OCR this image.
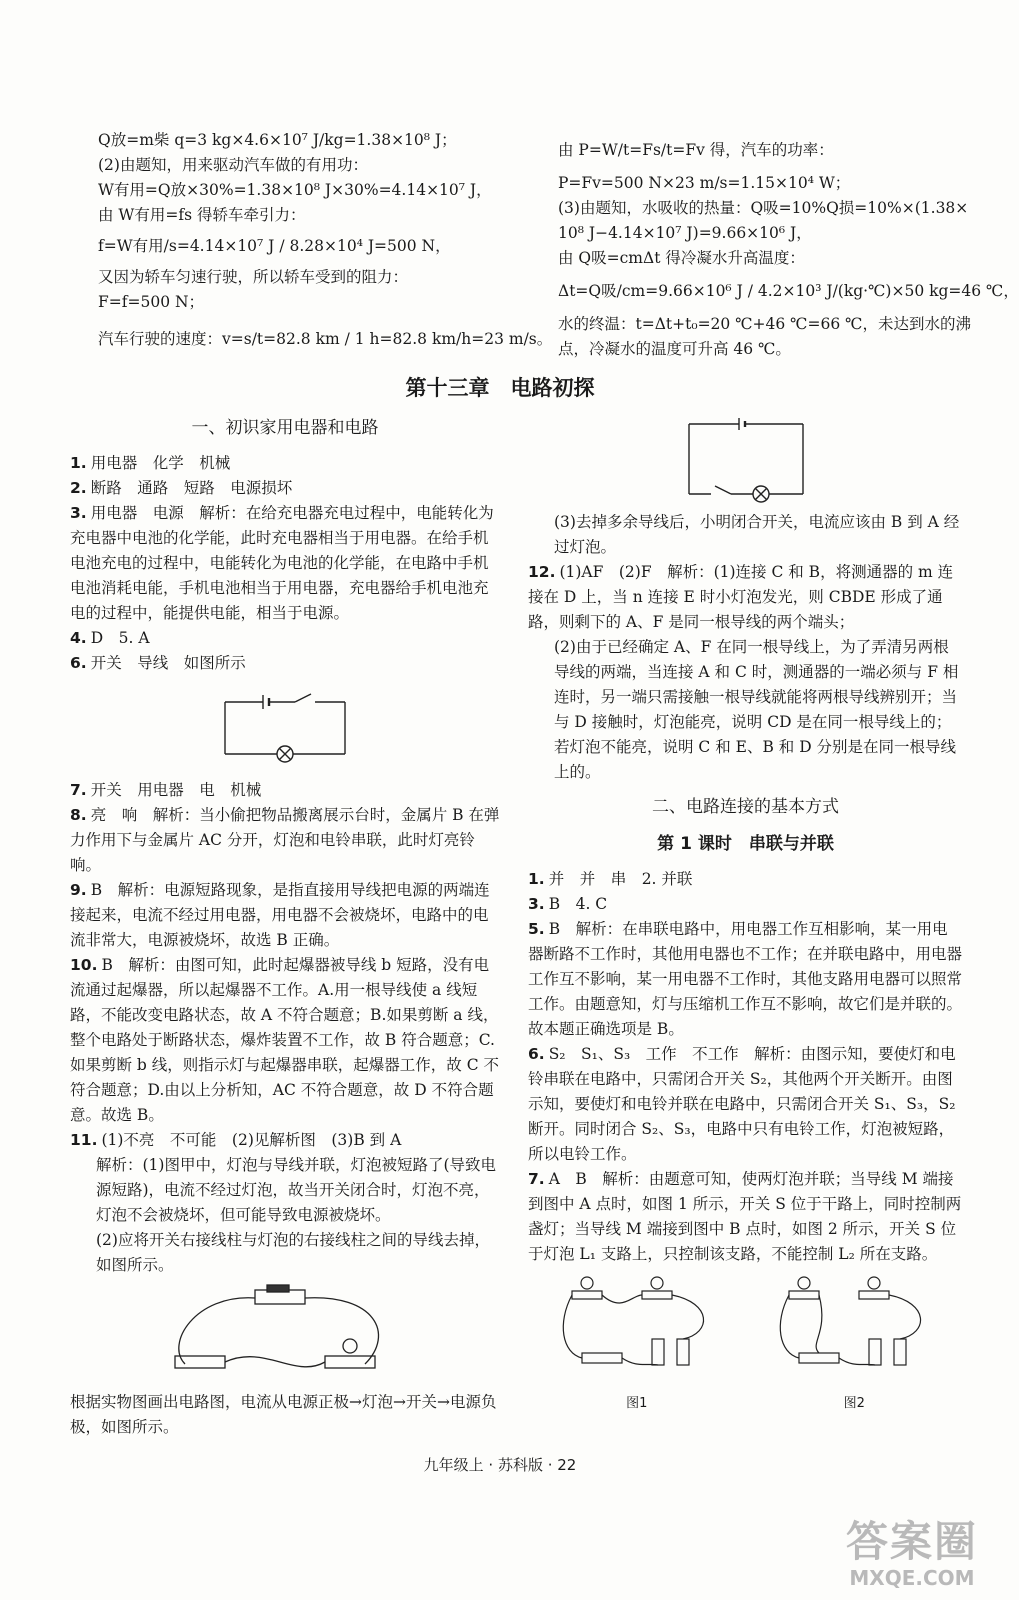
Q放=m柴 q=3 kg×4.6×10⁷ J/kg=1.38×10⁸ J；
(2)由题知，用来驱动汽车做的有用功：
W有用=Q放×30%=1.38×10⁸ J×30%=4.14×10⁷ J，
由 W有用=fs 得轿车牵引力：
f=W有用/s=4.14×10⁷ J / 8.28×10⁴ J=500 N，
又因为轿车匀速行驶，所以轿车受到的阻力：
F=f=500 N；
汽车行驶的速度：v=s/t=82.8 km / 1 h=82.8 km/h=23 m/s。
由 P=W/t=Fs/t=Fv 得，汽车的功率：
P=Fv=500 N×23 m/s=1.15×10⁴ W；
(3)由题知，水吸收的热量：Q吸=10%Q损=10%×(1.38×
10⁸ J−4.14×10⁷ J)=9.66×10⁶ J，
由 Q吸=cmΔt 得冷凝水升高温度：
Δt=Q吸/cm=9.66×10⁶ J / 4.2×10³ J/(kg·℃)×50 kg=46 ℃，
水的终温：t=Δt+t₀=20 ℃+46 ℃=66 ℃，未达到水的沸
点，冷凝水的温度可升高 46 ℃。
第十三章　电路初探
一、初识家用电器和电路
1. 用电器　化学　机械
2. 断路　通路　短路　电源损坏
3. 用电器　电源　解析：在给充电器充电过程中，电能转化为充电器中电池的化学能，此时充电器相当于用电器。在给手机电池充电的过程中，电能转化为电池的化学能，在电路中手机电池消耗电能，手机电池相当于用电器，充电器给手机电池充电的过程中，能提供电能，相当于电源。
4. D　5. A
6. 开关　导线　如图所示
7. 开关　用电器　电　机械
8. 亮　响　解析：当小偷把物品搬离展示台时，金属片 B 在弹力作用下与金属片 AC 分开，灯泡和电铃串联，此时灯亮铃响。
9. B　解析：电源短路现象，是指直接用导线把电源的两端连接起来，电流不经过用电器，用电器不会被烧坏，电路中的电流非常大，电源被烧坏，故选 B 正确。
10. B　解析：由图可知，此时起爆器被导线 b 短路，没有电流通过起爆器，所以起爆器不工作。A.用一根导线使 a 线短路，不能改变电路状态，故 A 不符合题意；B.如果剪断 a 线，整个电路处于断路状态，爆炸装置不工作，故 B 符合题意；C.如果剪断 b 线，则指示灯与起爆器串联，起爆器工作，故 C 不符合题意；D.由以上分析知，AC 不符合题意，故 D 不符合题意。故选 B。
11. (1)不亮　不可能　(2)见解析图　(3)B 到 A
解析：(1)图甲中，灯泡与导线并联，灯泡被短路了(导致电源短路)，电流不经过灯泡，故当开关闭合时，灯泡不亮，灯泡不会被烧坏，但可能导致电源被烧坏。
(2)应将开关右接线柱与灯泡的右接线柱之间的导线去掉，如图所示。
根据实物图画出电路图，电流从电源正极→灯泡→开关→电源负极，如图所示。
(3)去掉多余导线后，小明闭合开关，电流应该由 B 到 A 经过灯泡。
12. (1)AF　(2)F　解析：(1)连接 C 和 B，将测通器的 m 连接在 D 上，当 n 连接 E 时小灯泡发光，则 CBDE 形成了通路，则剩下的 A、F 是同一根导线的两个端头；
(2)由于已经确定 A、F 在同一根导线上，为了弄清另两根导线的两端，当连接 A 和 C 时，测通器的一端必须与 F 相连时，另一端只需接触一根导线就能将两根导线辨别开；当与 D 接触时，灯泡能亮，说明 CD 是在同一根导线上的；若灯泡不能亮，说明 C 和 E、B 和 D 分别是在同一根导线上的。
二、电路连接的基本方式
第 1 课时　串联与并联
1. 并　并　串　2. 并联
3. B　4. C
5. B　解析：在串联电路中，用电器工作互相影响，某一用电器断路不工作时，其他用电器也不工作；在并联电路中，用电器工作互不影响，某一用电器不工作时，其他支路用电器可以照常工作。由题意知，灯与压缩机工作互不影响，故它们是并联的。故本题正确选项是 B。
6. S₂　S₁、S₃　工作　不工作　解析：由图示知，要使灯和电铃串联在电路中，只需闭合开关 S₂，其他两个开关断开。由图示知，要使灯和电铃并联在电路中，只需闭合开关 S₁、S₃，S₂ 断开。同时闭合 S₂、S₃，电路中只有电铃工作，灯泡被短路，所以电铃工作。
7. A　B　解析：由题意可知，使两灯泡并联；当导线 M 端接到图中 A 点时，如图 1 所示，开关 S 位于干路上，同时控制两盏灯；当导线 M 端接到图中 B 点时，如图 2 所示，开关 S 位于灯泡 L₁ 支路上，只控制该支路，不能控制 L₂ 所在支路。
图1	图2
九年级上 · 苏科版 · 22
答案圈
MXQE.COM
